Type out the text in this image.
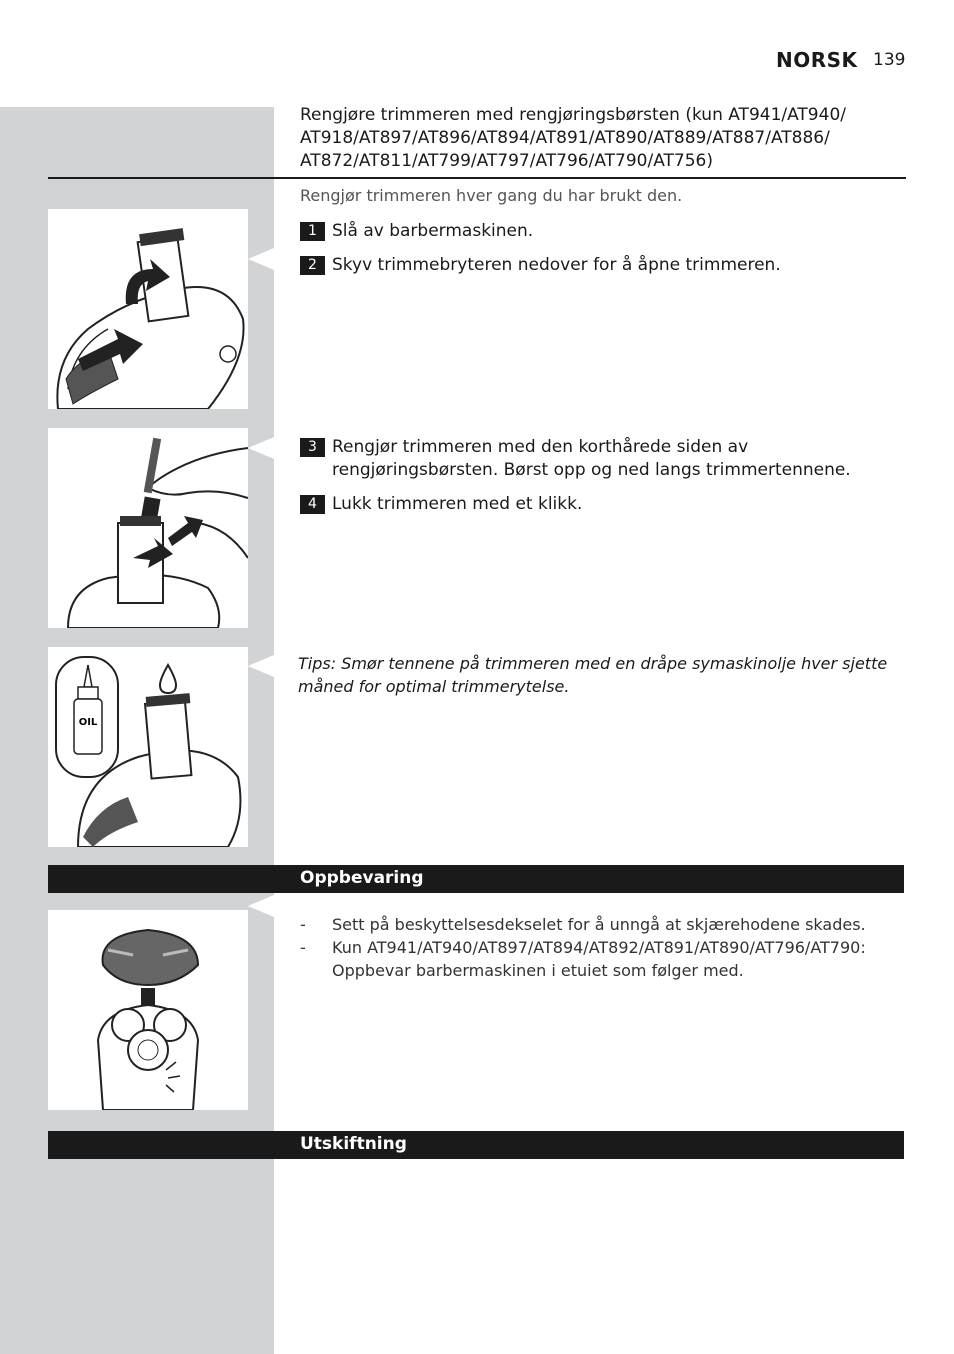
NORSK 139
Rengjøre trimmeren med rengjøringsbørsten (kun AT941/AT940/ AT918/AT897/AT896/AT894/AT891/AT890/AT889/AT887/AT886/ AT872/AT811/AT799/AT797/AT796/AT790/AT756)
Rengjør trimmeren hver gang du har brukt den.
1 Slå av barbermaskinen.
2 Skyv trimmebryteren nedover for å åpne trimmeren.
3 Rengjør trimmeren med den korthårede siden av rengjøringsbørsten. Børst opp og ned langs trimmertennene.
4 Lukk trimmeren med et klikk.
Tips: Smør tennene på trimmeren med en dråpe symaskinolje hver sjette måned for optimal trimmerytelse.
OIL
Oppbevaring
- Sett på beskyttelsesdekselet for å unngå at skjærehodene skades.
- Kun AT941/AT940/AT897/AT894/AT892/AT891/AT890/AT796/AT790: Oppbevar barbermaskinen i etuiet som følger med.
Utskiftning
